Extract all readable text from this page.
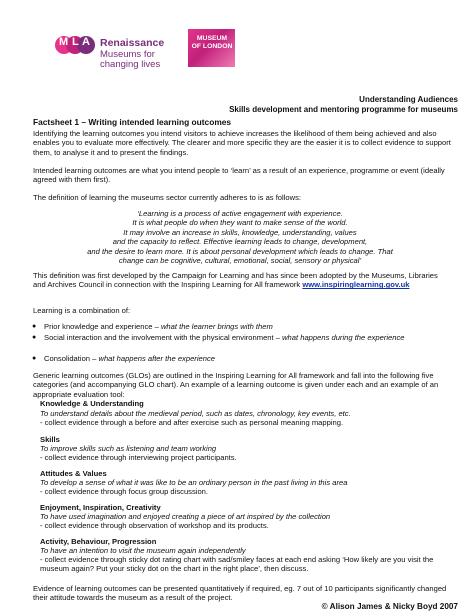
M L A Renaissance
Museums for
changing lives
MUSEUM
OF LONDON
Understanding Audiences
Skills development and mentoring programme for museums
Factsheet 1 – Writing intended learning outcomes

Identifying the learning outcomes you intend visitors to achieve increases the likelihood of them being achieved and also enables you to evaluate more effectively. The clearer and more specific they are the easier it is to collect evidence to support them, to analyse it and to present the findings.

Intended learning outcomes are what you intend people to ‘learn’ as a result of an experience, programme or event (ideally agreed with them first).

The definition of learning the museums sector currently adheres to is as follows:

‘Learning is a process of active engagement with experience.
It is what people do when they want to make sense of the world.
It may involve an increase in skills, knowledge, understanding, values
and the capacity to reflect. Effective learning leads to change, development,
and the desire to learn more. It is about personal development which leads to change. That
change can be cognitive, cultural, emotional, social, sensory or physical’

This definition was first developed by the Campaign for Learning and has since been adopted by the Museums, Libraries and Archives Council in connection with the Inspiring Learning for All framework www.inspiringlearning.gov.uk

Learning is a combination of:

● Prior knowledge and experience – what the learner brings with them
● Social interaction and the involvement with the physical environment – what happens during the experience
● Consolidation – what happens after the experience

Generic learning outcomes (GLOs) are outlined in the Inspiring Learning for All framework and fall into the following five categories (and accompanying GLO chart). An example of a learning outcome is given under each and an example of an appropriate evaluation tool:

Knowledge & Understanding
To understand details about the medieval period, such as dates, chronology, key events, etc.
- collect evidence through a before and after exercise such as personal meaning mapping.
Skills
To improve skills such as listening and team working
- collect evidence through interviewing project participants.
Attitudes & Values
To develop a sense of what it was like to be an ordinary person in the past living in this area
- collect evidence through focus group discussion.
Enjoyment, Inspiration, Creativity
To have used imagination and enjoyed creating a piece of art inspired by the collection
- collect evidence through observation of workshop and its products.
Activity, Behaviour, Progression
To have an intention to visit the museum again independently
- collect evidence through sticky dot rating chart with sad/smiley faces at each end asking ‘How likely are you visit the museum again? Put your sticky dot on the chart in the right place’, then discuss.

Evidence of learning outcomes can be presented quantitatively if required, eg. 7 out of 10 participants significantly changed their attitude towards the museum as a result of the project.

© Alison James & Nicky Boyd 2007
